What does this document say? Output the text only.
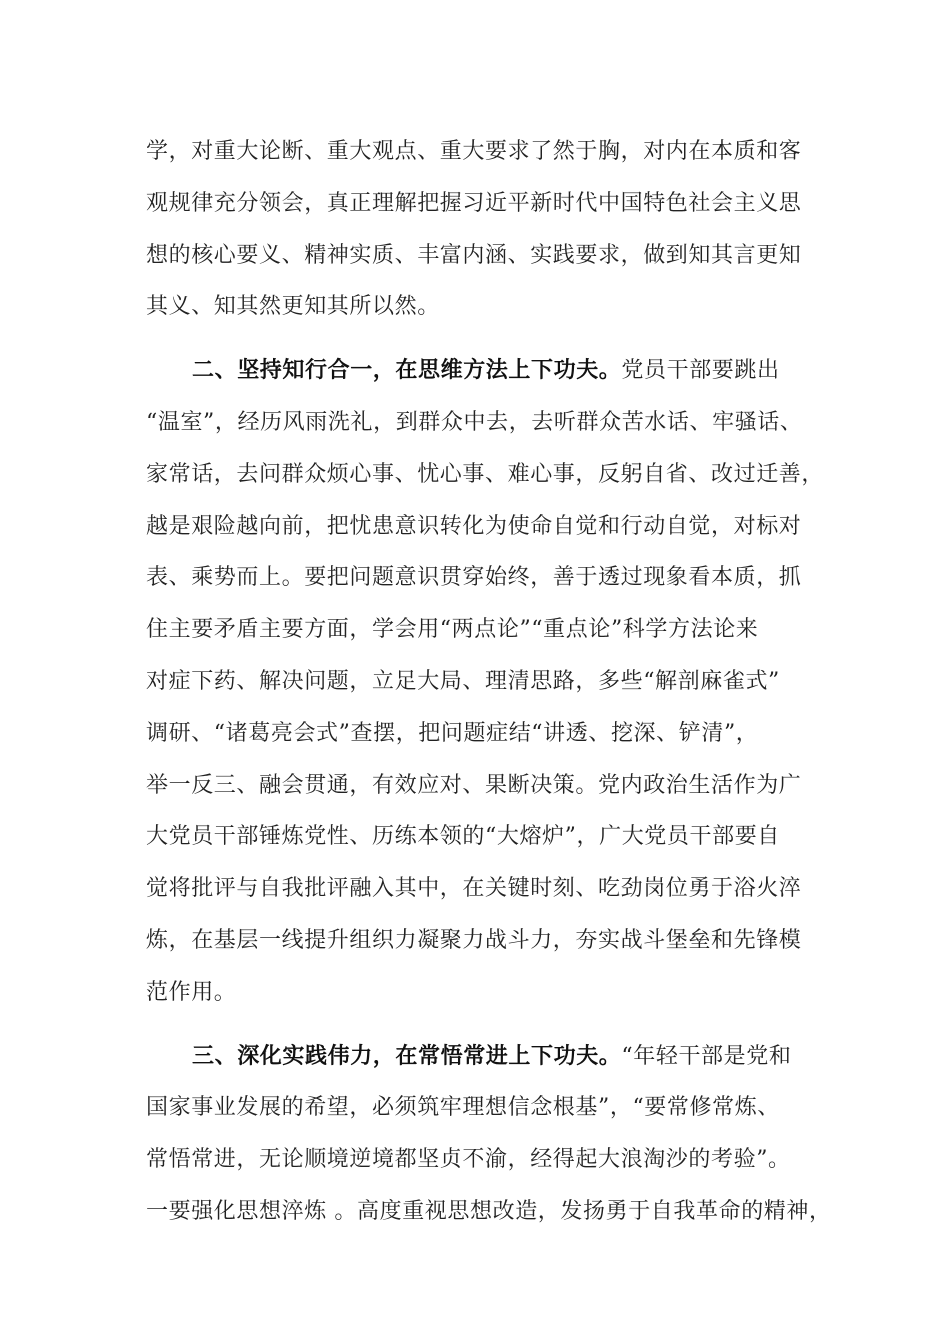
学，对重大论断、重大观点、重大要求了然于胸，对内在本质和客
观规律充分领会，真正理解把握习近平新时代中国特色社会主义思
想的核心要义、精神实质、丰富内涵、实践要求，做到知其言更知
其义、知其然更知其所以然。
二、坚持知行合一，在思维方法上下功夫。党员干部要跳出
“温室”，经历风雨洗礼，到群众中去，去听群众苦水话、牢骚话、
家常话，去问群众烦心事、忧心事、难心事，反躬自省、改过迁善，
越是艰险越向前，把忧患意识转化为使命自觉和行动自觉，对标对
表、乘势而上。要把问题意识贯穿始终，善于透过现象看本质，抓
住主要矛盾主要方面，学会用“两点论”“重点论”科学方法论来
对症下药、解决问题，立足大局、理清思路，多些“解剖麻雀式”
调研、“诸葛亮会式”查摆，把问题症结“讲透、挖深、铲清”，
举一反三、融会贯通，有效应对、果断决策。党内政治生活作为广
大党员干部锤炼党性、历练本领的“大熔炉”，广大党员干部要自
觉将批评与自我批评融入其中，在关键时刻、吃劲岗位勇于浴火淬
炼，在基层一线提升组织力凝聚力战斗力，夯实战斗堡垒和先锋模
范作用。
三、深化实践伟力，在常悟常进上下功夫。“年轻干部是党和
国家事业发展的希望，必须筑牢理想信念根基”，“要常修常炼、
常悟常进，无论顺境逆境都坚贞不渝，经得起大浪淘沙的考验”。
一要强化思想淬炼 。高度重视思想改造，发扬勇于自我革命的精神，
